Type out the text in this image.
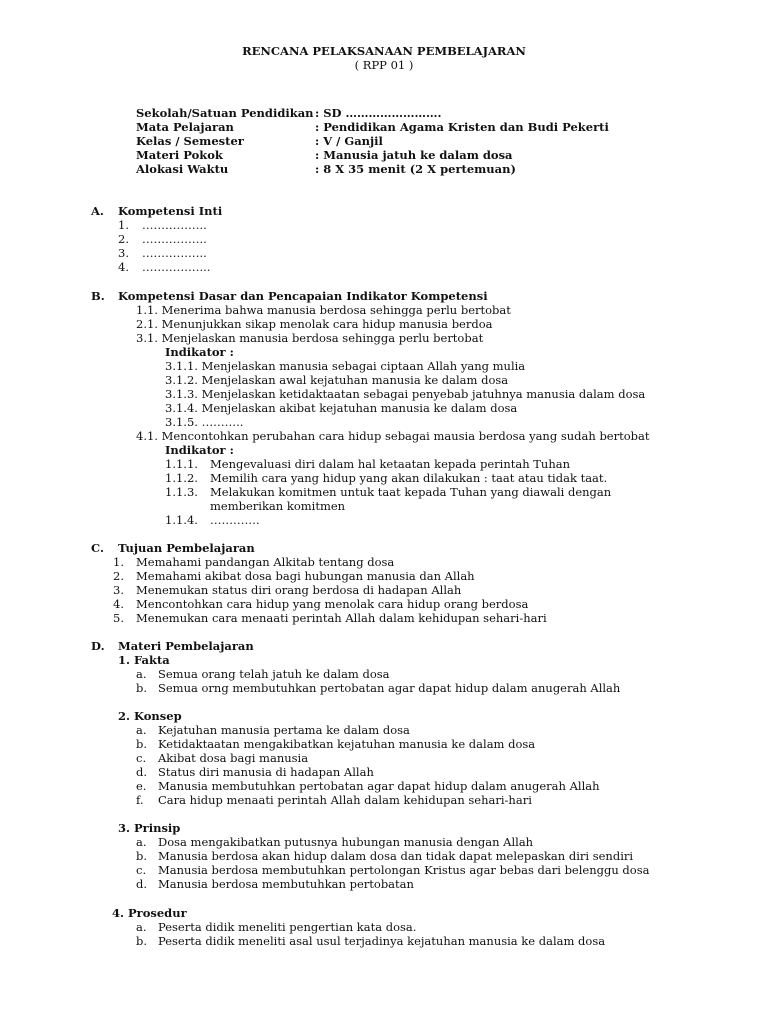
RENCANA PELAKSANAAN PEMBELAJARAN
( RPP 01 )
Sekolah/Satuan Pendidikan : SD …………………….
Mata Pelajaran	: Pendidikan Agama Kristen dan Budi Pekerti
Kelas / Semester	: V / Ganjil
Materi Pokok	: Manusia jatuh ke dalam dosa
Alokasi Waktu	: 8 X 35 menit (2 X pertemuan)
A. Kompetensi Inti
1. ……………..
2. ……………..
3. ……………..
4. ……………...
B. Kompetensi Dasar dan Pencapaian Indikator Kompetensi
1.1. Menerima bahwa manusia berdosa sehingga perlu bertobat
2.1. Menunjukkan sikap menolak cara hidup manusia berdoa
3.1. Menjelaskan manusia berdosa sehingga perlu bertobat
Indikator :
3.1.1. Menjelaskan manusia sebagai ciptaan Allah yang mulia
3.1.2. Menjelaskan awal kejatuhan manusia ke dalam dosa
3.1.3. Menjelaskan ketidaktaatan sebagai penyebab jatuhnya manusia dalam dosa
3.1.4. Menjelaskan akibat kejatuhan manusia ke dalam dosa
3.1.5. ………..
4.1. Mencontohkan perubahan cara hidup sebagai mausia berdosa yang sudah bertobat
Indikator :
1.1.1. Mengevaluasi diri dalam hal ketaatan kepada perintah Tuhan
1.1.2. Memilih cara yang hidup yang akan dilakukan : taat atau tidak taat.
1.1.3. Melakukan komitmen untuk taat kepada Tuhan yang diawali dengan
memberikan komitmen
1.1.4. ………….
C. Tujuan Pembelajaran
1. Memahami pandangan Alkitab tentang dosa
2. Memahami akibat dosa bagi hubungan manusia dan Allah
3. Menemukan status diri orang berdosa di hadapan Allah
4. Mencontohkan cara hidup yang menolak cara hidup orang berdosa
5. Menemukan cara menaati perintah Allah dalam kehidupan sehari-hari
D. Materi Pembelajaran
1. Fakta
a. Semua orang telah jatuh ke dalam dosa
b. Semua orng membutuhkan pertobatan agar dapat hidup dalam anugerah Allah
2. Konsep
a. Kejatuhan manusia pertama ke dalam dosa
b. Ketidaktaatan mengakibatkan kejatuhan manusia ke dalam dosa
c. Akibat dosa bagi manusia
d. Status diri manusia di hadapan Allah
e. Manusia membutuhkan pertobatan agar dapat hidup dalam anugerah Allah
f. Cara hidup menaati perintah Allah dalam kehidupan sehari-hari
3. Prinsip
a. Dosa mengakibatkan putusnya hubungan manusia dengan Allah
b. Manusia berdosa akan hidup dalam dosa dan tidak dapat melepaskan diri sendiri
c. Manusia berdosa membutuhkan pertolongan Kristus agar bebas dari belenggu dosa
d. Manusia berdosa membutuhkan pertobatan
4. Prosedur
a. Peserta didik meneliti pengertian kata dosa.
b. Peserta didik meneliti asal usul terjadinya kejatuhan manusia ke dalam dosa
